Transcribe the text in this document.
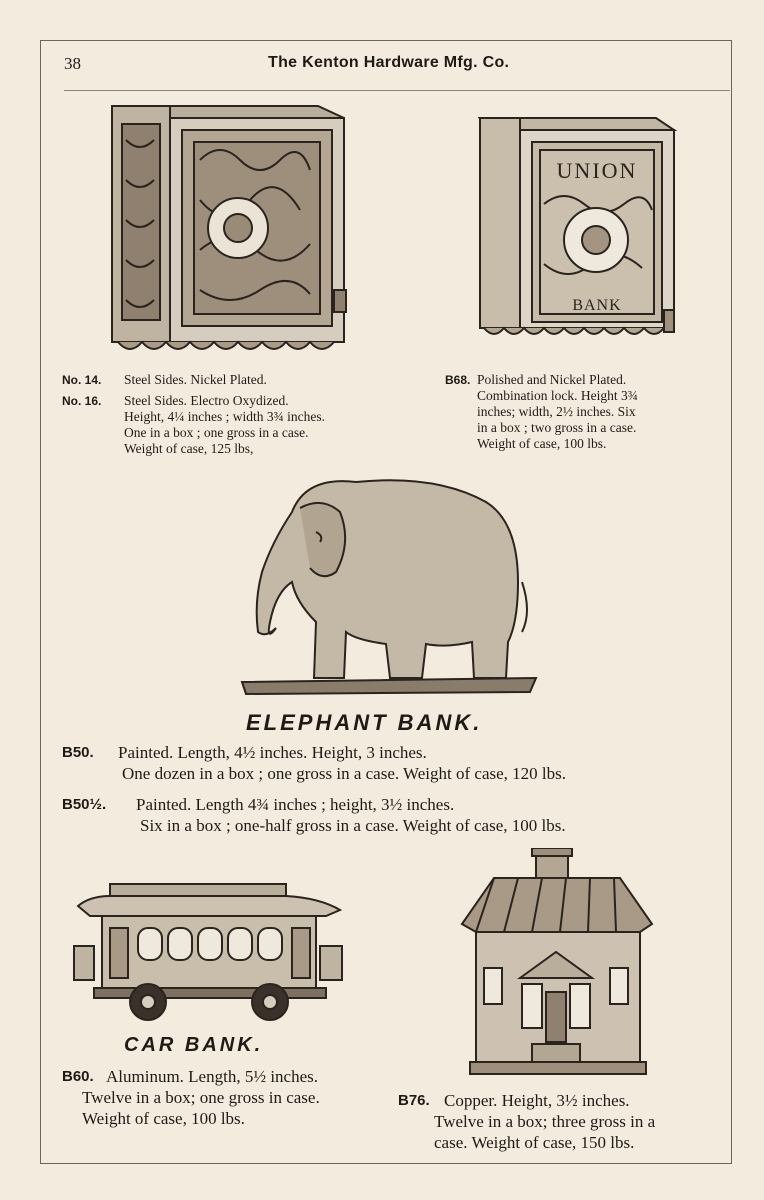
38	The Kenton Hardware Mfg. Co.
UNION
BANK
No. 14.	Steel Sides. Nickel Plated.
No. 16.	Steel Sides. Electro Oxydized.
Height, 4¼ inches ; width 3¾ inches.
One in a box ; one gross in a case.
Weight of case, 125 lbs,
B68. Polished and Nickel Plated.
Combination lock. Height 3¾
inches; width, 2½ inches. Six
in a box ; two gross in a case.
Weight of case, 100 lbs.
ELEPHANT BANK.
B50.	Painted. Length, 4½ inches. Height, 3 inches.
One dozen in a box ; one gross in a case. Weight of case, 120 lbs.
B50½.	Painted. Length 4¾ inches ; height, 3½ inches.
Six in a box ; one-half gross in a case. Weight of case, 100 lbs.
CAR BANK.
B60. Aluminum. Length, 5½ inches.
Twelve in a box; one gross in case.
Weight of case, 100 lbs.
B76. Copper. Height, 3½ inches.
Twelve in a box; three gross in a
case. Weight of case, 150 lbs.
